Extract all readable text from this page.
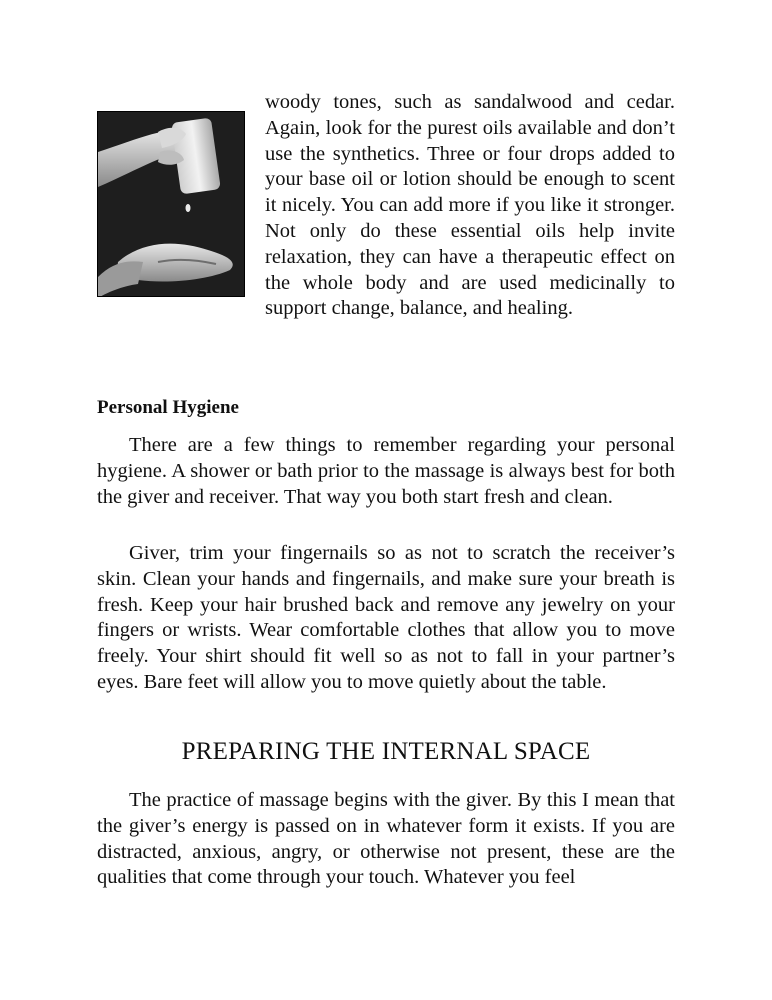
woody tones, such as sandalwood and cedar. Again, look for the purest oils available and don’t use the synthetics. Three or four drops added to your base oil or lotion should be enough to scent it nicely. You can add more if you like it stronger. Not only do these essential oils help invite relaxation, they can have a therapeutic effect on the whole body and are used medicinally to support change, balance, and healing.

Personal Hygiene

There are a few things to remember regarding your personal hygiene. A shower or bath prior to the massage is always best for both the giver and receiver. That way you both start fresh and clean.

Giver, trim your fingernails so as not to scratch the receiver’s skin. Clean your hands and fingernails, and make sure your breath is fresh. Keep your hair brushed back and remove any jewelry on your fingers or wrists. Wear comfortable clothes that allow you to move freely. Your shirt should fit well so as not to fall in your partner’s eyes. Bare feet will allow you to move quietly about the table.

PREPARING THE INTERNAL SPACE

The practice of massage begins with the giver. By this I mean that the giver’s energy is passed on in whatever form it exists. If you are distracted, anxious, angry, or otherwise not present, these are the qualities that come through your touch. Whatever you feel
